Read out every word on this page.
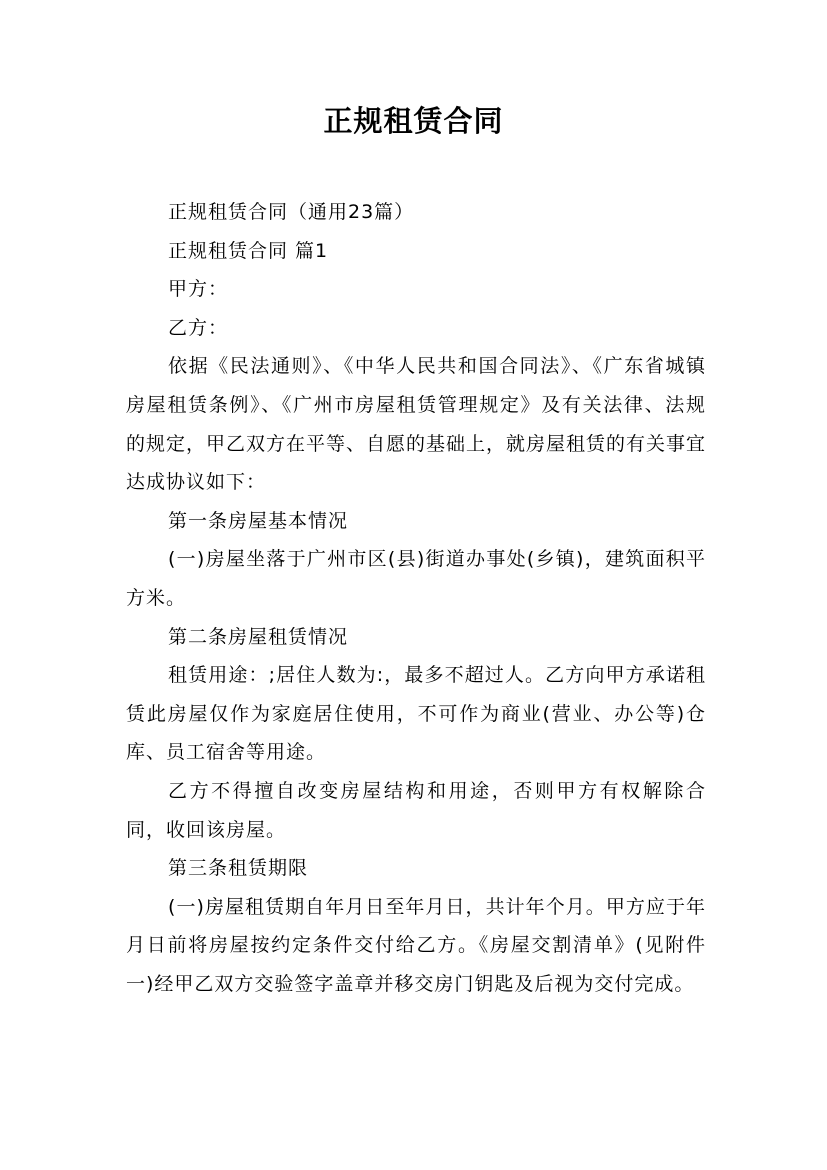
正规租赁合同

正规租赁合同（通用23篇）

正规租赁合同 篇1

甲方：

乙方：

依据《民法通则》、《中华人民共和国合同法》、《广东省城镇房屋租赁条例》、《广州市房屋租赁管理规定》及有关法律、法规的规定，甲乙双方在平等、自愿的基础上，就房屋租赁的有关事宜达成协议如下：

第一条房屋基本情况

(一)房屋坐落于广州市区(县)街道办事处(乡镇)，建筑面积平方米。

第二条房屋租赁情况

租赁用途：;居住人数为:，最多不超过人。乙方向甲方承诺租赁此房屋仅作为家庭居住使用，不可作为商业(营业、办公等)仓库、员工宿舍等用途。

乙方不得擅自改变房屋结构和用途，否则甲方有权解除合同，收回该房屋。

第三条租赁期限

(一)房屋租赁期自年月日至年月日，共计年个月。甲方应于年月日前将房屋按约定条件交付给乙方。《房屋交割清单》(见附件一)经甲乙双方交验签字盖章并移交房门钥匙及后视为交付完成。
